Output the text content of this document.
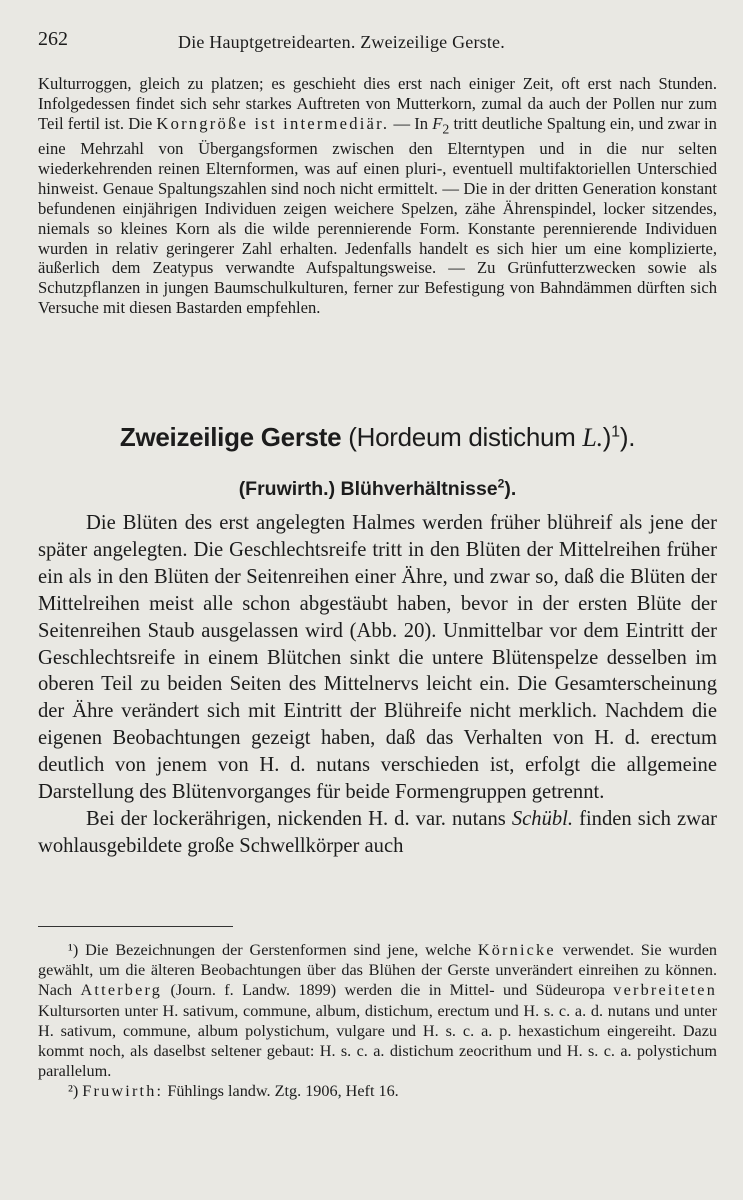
262	Die Hauptgetreidearten. Zweizeilige Gerste.

Kulturroggen, gleich zu platzen; es geschieht dies erst nach einiger Zeit, oft erst nach Stunden. Infolgedessen findet sich sehr starkes Auftreten von Mutterkorn, zumal da auch der Pollen nur zum Teil fertil ist. Die Korngröße ist intermediär. — In $F_2$ tritt deutliche Spaltung ein, und zwar in eine Mehrzahl von Übergangsformen zwischen den Elterntypen und in die nur selten wiederkehrenden reinen Elternformen, was auf einen pluri-, eventuell multifaktoriellen Unterschied hinweist. Genaue Spaltungszahlen sind noch nicht ermittelt. — Die in der dritten Generation konstant befundenen einjährigen Individuen zeigen weichere Spelzen, zähe Ährenspindel, locker sitzendes, niemals so kleines Korn als die wilde perennierende Form. Konstante perennierende Individuen wurden in relativ geringerer Zahl erhalten. Jedenfalls handelt es sich hier um eine komplizierte, äußerlich dem Zeatypus verwandte Aufspaltungsweise. — Zu Grünfutterzwecken sowie als Schutzpflanzen in jungen Baumschulkulturen, ferner zur Befestigung von Bahndämmen dürften sich Versuche mit diesen Bastarden empfehlen.

Zweizeilige Gerste (Hordeum distichum L.)$^1$).
(Fruwirth.) Blühverhältnisse$^2$).

Die Blüten des erst angelegten Halmes werden früher blühreif als jene der später angelegten. Die Geschlechtsreife tritt in den Blüten der Mittelreihen früher ein als in den Blüten der Seitenreihen einer Ähre, und zwar so, daß die Blüten der Mittelreihen meist alle schon abgestäubt haben, bevor in der ersten Blüte der Seitenreihen Staub ausgelassen wird (Abb. 20). Unmittelbar vor dem Eintritt der Geschlechtsreife in einem Blütchen sinkt die untere Blütenspelze desselben im oberen Teil zu beiden Seiten des Mittelnervs leicht ein. Die Gesamterscheinung der Ähre verändert sich mit Eintritt der Blühreife nicht merklich. Nachdem die eigenen Beobachtungen gezeigt haben, daß das Verhalten von H. d. erectum deutlich von jenem von H. d. nutans verschieden ist, erfolgt die allgemeine Darstellung des Blütenvorganges für beide Formengruppen getrennt.

Bei der lockerährigen, nickenden H. d. var. nutans Schübl. finden sich zwar wohlausgebildete große Schwellkörper auch

¹) Die Bezeichnungen der Gerstenformen sind jene, welche Körnicke verwendet. Sie wurden gewählt, um die älteren Beobachtungen über das Blühen der Gerste unverändert einreihen zu können. Nach Atterberg (Journ. f. Landw. 1899) werden die in Mittel- und Südeuropa verbreiteten Kultursorten unter H. sativum, commune, album, distichum, erectum und H. s. c. a. d. nutans und unter H. sativum, commune, album polystichum, vulgare und H. s. c. a. p. hexastichum eingereiht. Dazu kommt noch, als daselbst seltener gebaut: H. s. c. a. distichum zeocrithum und H. s. c. a. polystichum parallelum.

²) Fruwirth: Fühlings landw. Ztg. 1906, Heft 16.
